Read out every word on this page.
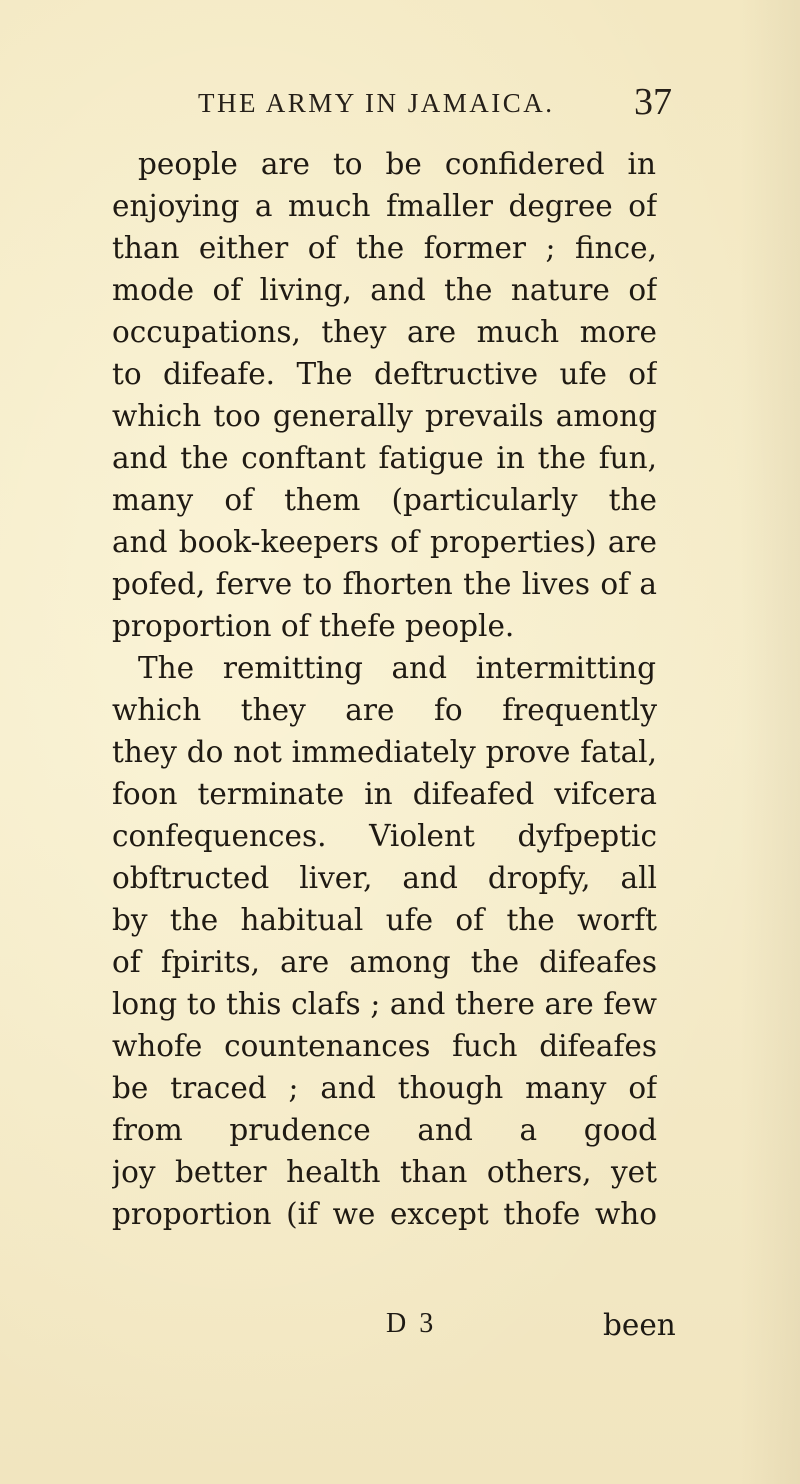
THE ARMY IN JAMAICA. 37
people are to be confidered in
enjoying a much fmaller degree of
than either of the former ; fince,
mode of living, and the nature of
occupations, they are much more
to difeafe. The deftructive ufe of
which too generally prevails among
and the conftant fatigue in the fun,
many of them (particularly the
and book-keepers of properties) are
pofed, ferve to fhorten the lives of a
proportion of thefe people.
The remitting and intermitting
which they are fo frequently
they do not immediately prove fatal,
foon terminate in difeafed vifcera
confequences. Violent dyfpeptic
obftructed liver, and dropfy, all
by the habitual ufe of the worft
of fpirits, are among the difeafes
long to this clafs ; and there are few
whofe countenances fuch difeafes
be traced ; and though many of
from prudence and a good
joy better health than others, yet
proportion (if we except thofe who
D 3	been
